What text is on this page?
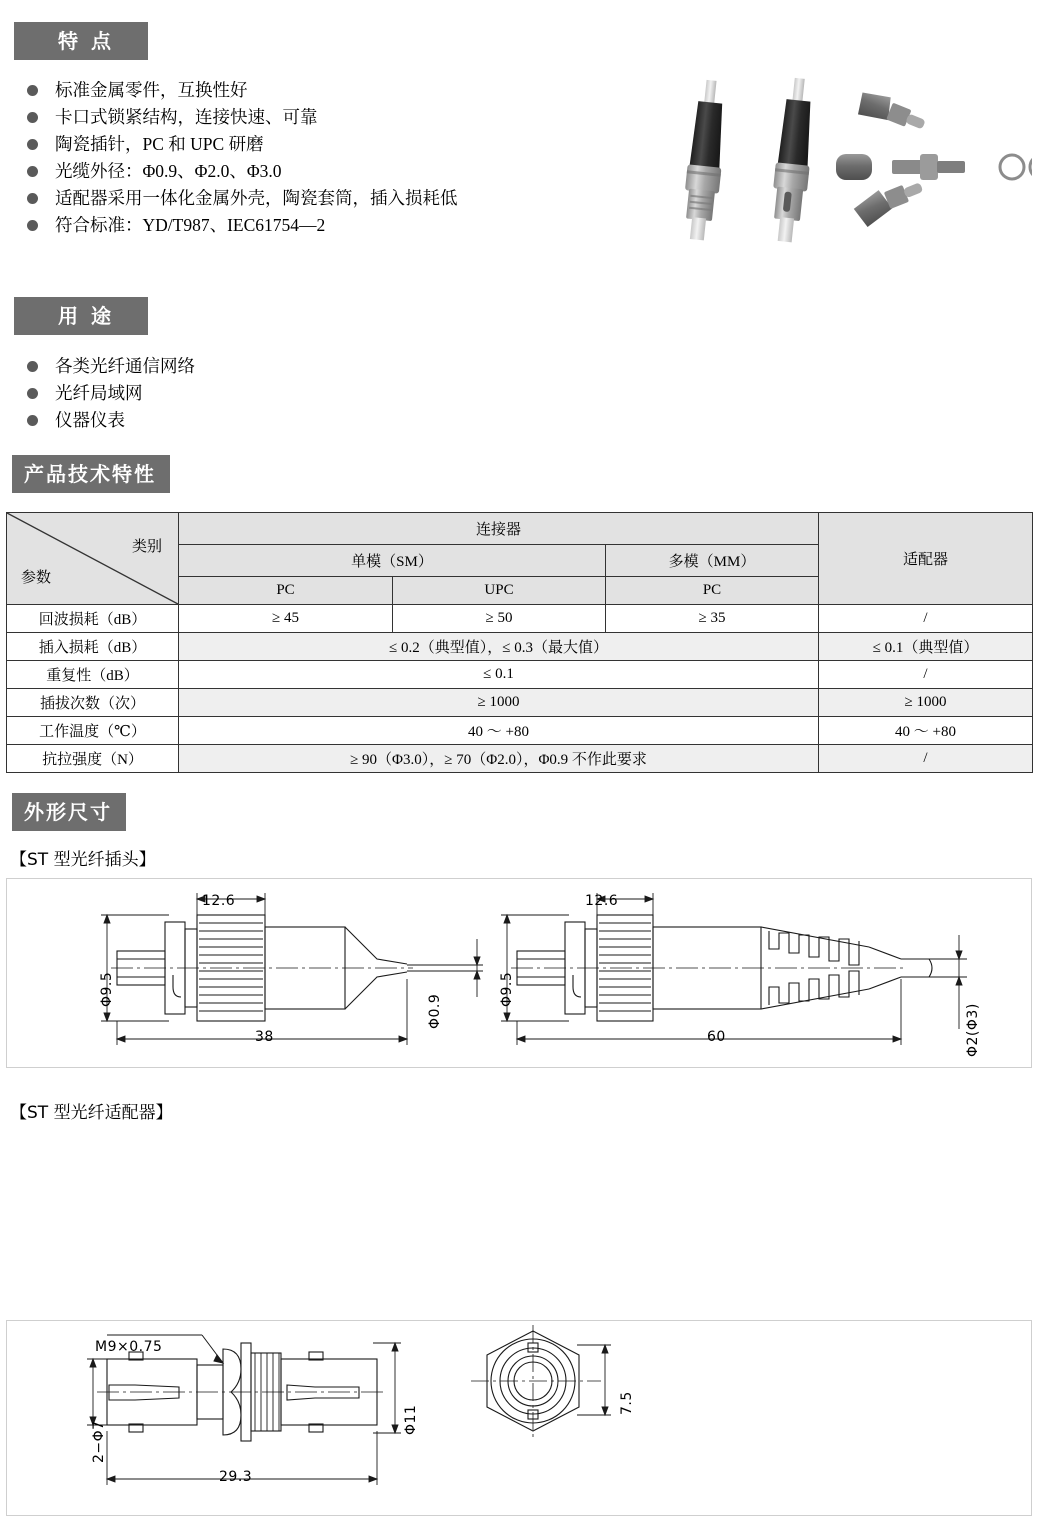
特 点
标准金属零件，互换性好
卡口式锁紧结构，连接快速、可靠
陶瓷插针，PC 和 UPC 研磨
光缆外径：Φ0.9、Φ2.0、Φ3.0
适配器采用一体化金属外壳，陶瓷套筒，插入损耗低
符合标准：YD/T987、IEC61754—2
用 途
各类光纤通信网络
光纤局域网
仪器仪表
产品技术特性
类别
参数	连接器			适配器
	单模（SM）		多模（MM）	
	PC	UPC	PC	
回波损耗（dB）	≥ 45	≥ 50	≥ 35	/
插入损耗（dB）	≤ 0.2（典型值），≤ 0.3（最大值）			≤ 0.1（典型值）
重复性（dB）	≤ 0.1			/
插拔次数（次）	≥ 1000			≥ 1000
工作温度（℃）	40 ～ +80			40 ～ +80
抗拉强度（N）	≥ 90（Φ3.0），≥ 70（Φ2.0），Φ0.9 不作此要求			/
外形尺寸
【ST 型光纤插头】
12.6
Φ9.5
38
Φ0.9
12.6
Φ9.5
60	Φ2(Φ3)
【ST 型光纤适配器】
M9×0.75
2−Φ7
Φ11
29.3
7.5
